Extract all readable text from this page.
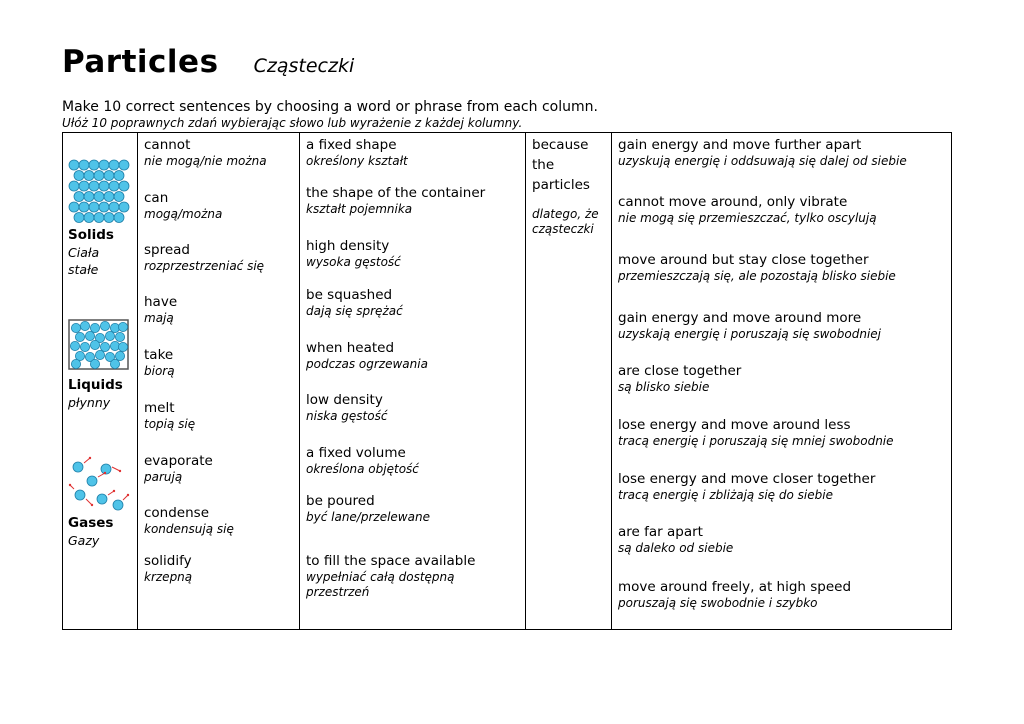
Particles Cząsteczki
Make 10 correct sentences by choosing a word or phrase from each column.
Ułóż 10 poprawnych zdań wybierając słowo lub wyrażenie z każdej kolumny.
Solids
Ciała
stałe
Liquids
płynny
Gases
Gazy
cannot
nie mogą/nie można
can
mogą/można
spread
rozprzestrzeniać się
have
mają
take
biorą
melt
topią się
evaporate
parują
condense
kondensują się
solidify
krzepną
a fixed shape
określony kształt
the shape of the container
kształt pojemnika
high density
wysoka gęstość
be squashed
dają się sprężać
when heated
podczas ogrzewania
low density
niska gęstość
a fixed volume
określona objętość
be poured
być lane/przelewane
to fill the space available
wypełniać całą dostępną przestrzeń
because
the
particles
dlatego, że cząsteczki
gain energy and move further apart
uzyskują energię i oddsuwają się dalej od siebie
cannot move around, only vibrate
nie mogą się przemieszczać, tylko oscylują
move around but stay close together
przemieszczają się, ale pozostają blisko siebie
gain energy and move around more
uzyskają energię i poruszają się swobodniej
are close together
są blisko siebie
lose energy and move around less
tracą energię i poruszają się mniej swobodnie
lose energy and move closer together
tracą energię i zbliżają się do siebie
are far apart
są daleko od siebie
move around freely, at high speed
poruszają się swobodnie i szybko
